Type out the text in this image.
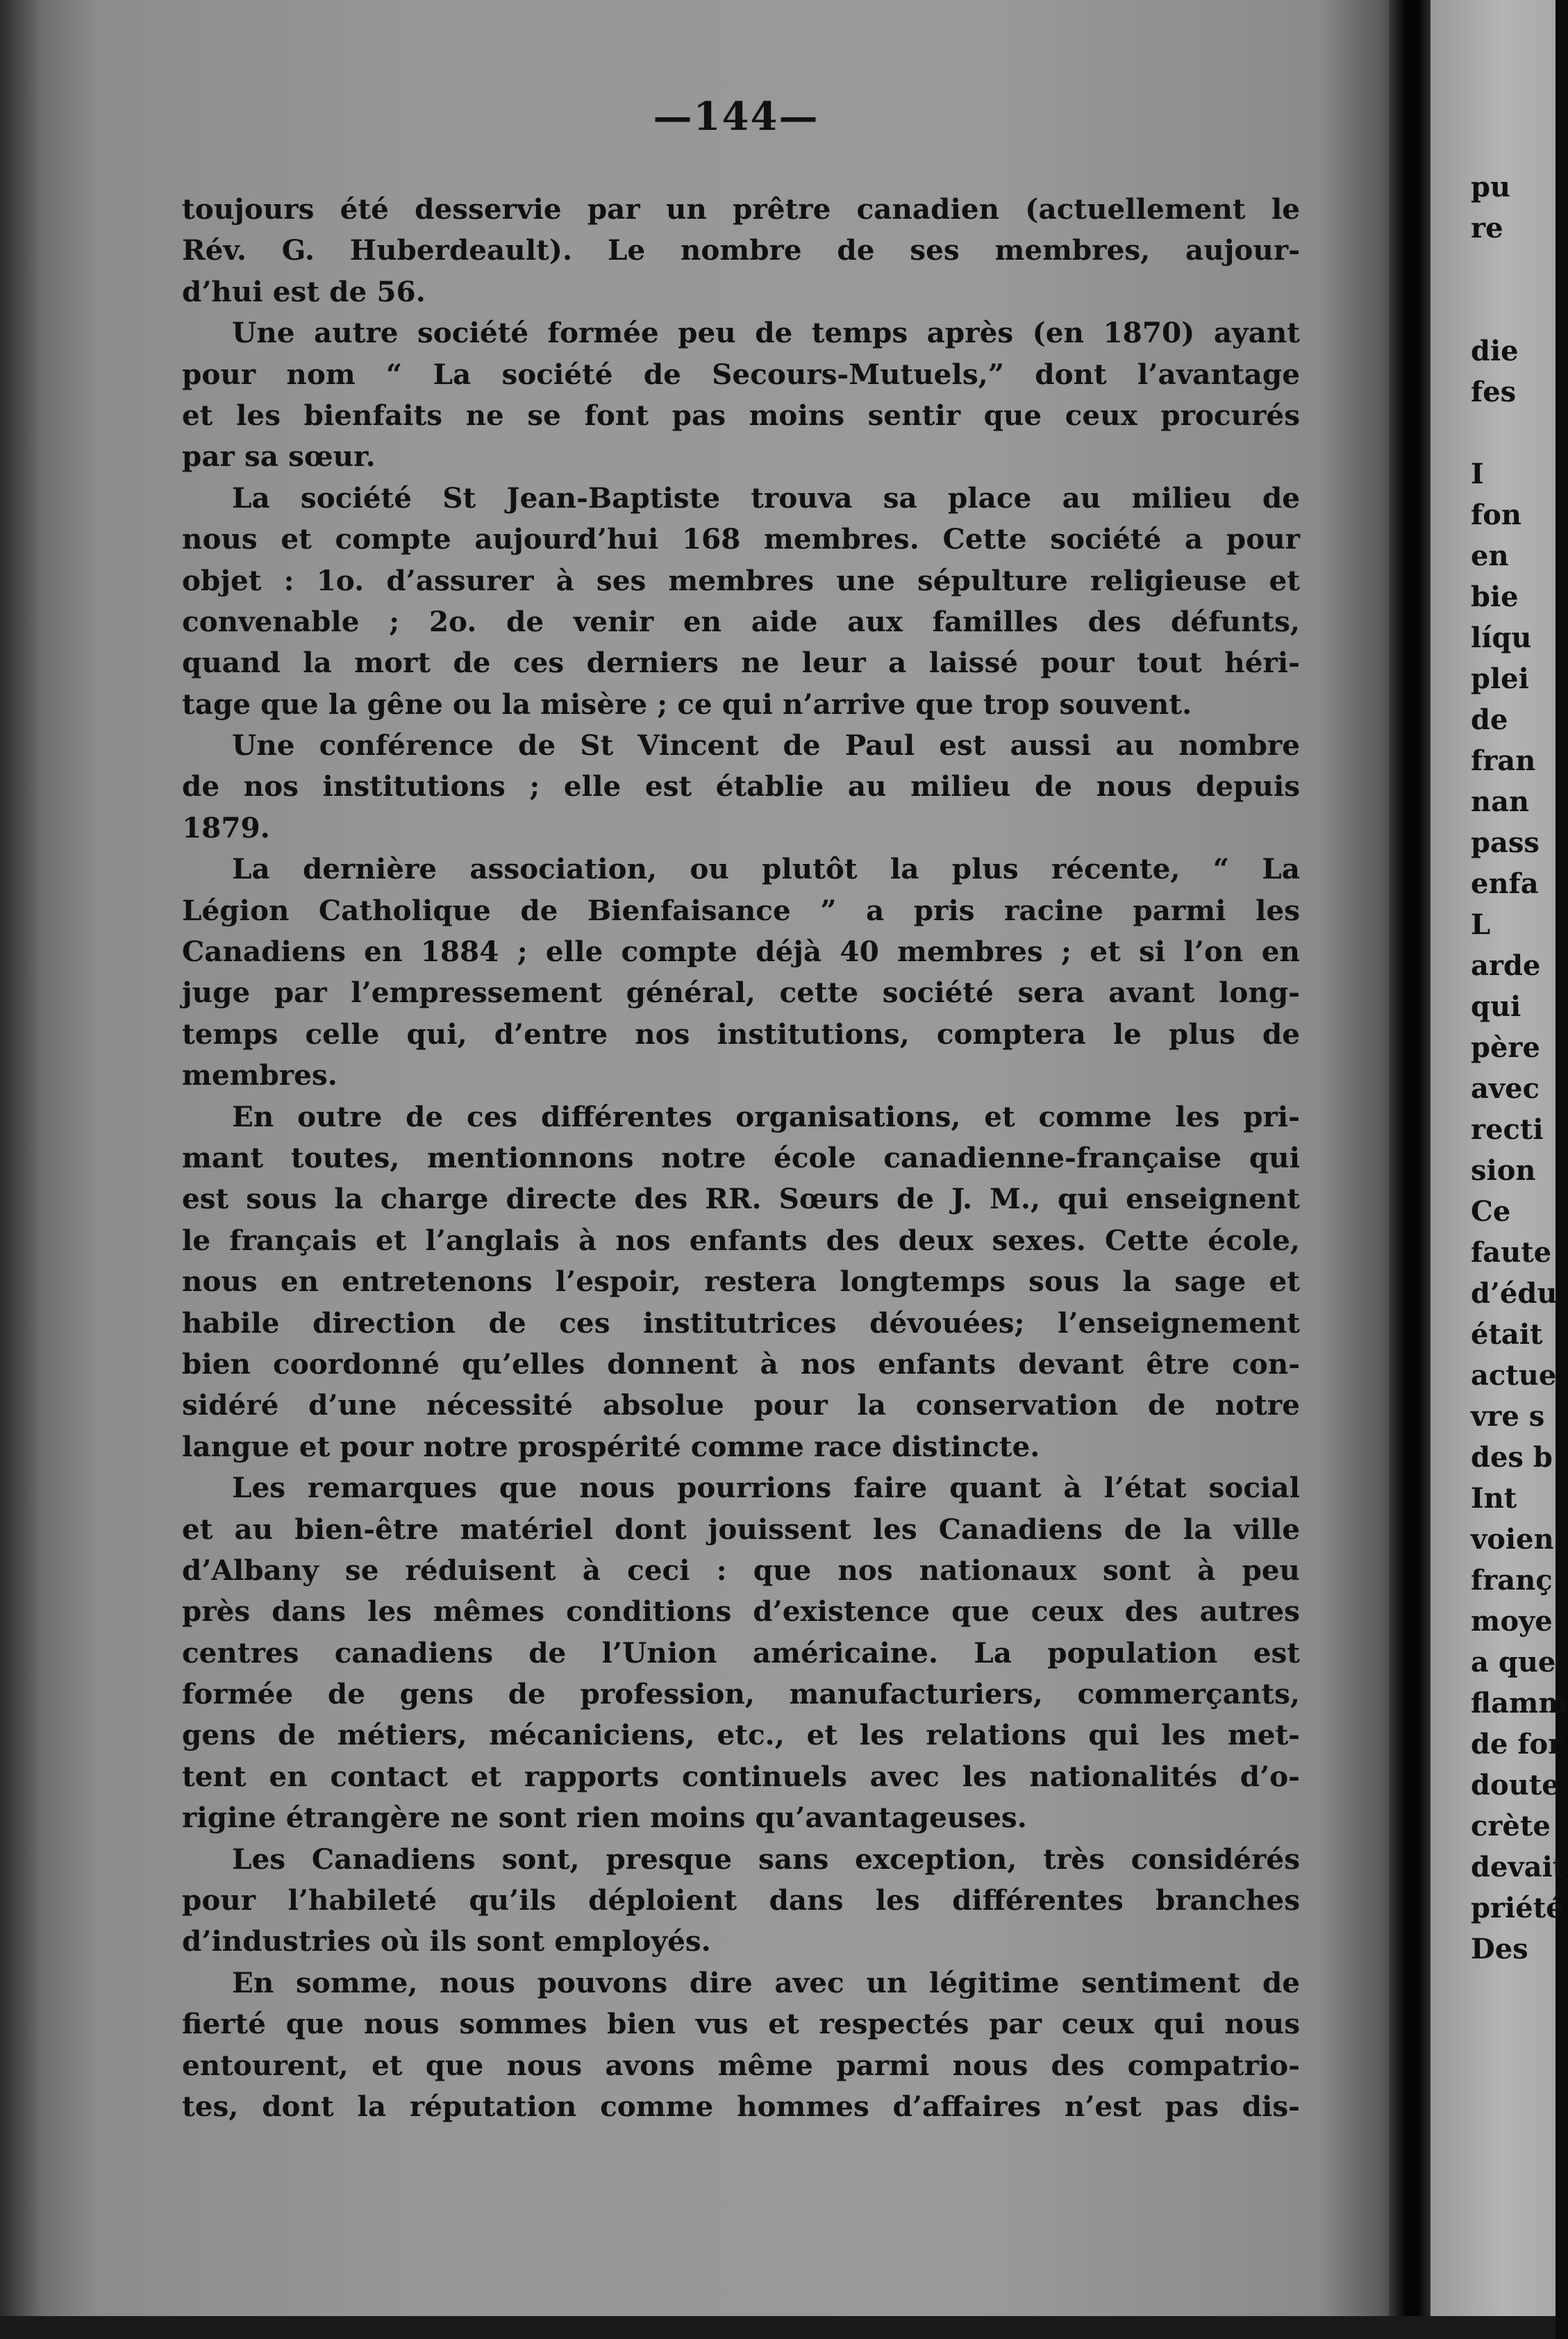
—144—
toujours été desservie par un prêtre canadien (actuellement le
Rév. G. Huberdeault). Le nombre de ses membres, aujour-
d’hui est de 56.
Une autre société formée peu de temps après (en 1870) ayant
pour nom “ La société de Secours-Mutuels,” dont l’avantage
et les bienfaits ne se font pas moins sentir que ceux procurés
par sa sœur.
La société St Jean-Baptiste trouva sa place au milieu de
nous et compte aujourd’hui 168 membres. Cette société a pour
objet : 1o. d’assurer à ses membres une sépulture religieuse et
convenable ; 2o. de venir en aide aux familles des défunts,
quand la mort de ces derniers ne leur a laissé pour tout héri-
tage que la gêne ou la misère ; ce qui n’arrive que trop souvent.
Une conférence de St Vincent de Paul est aussi au nombre
de nos institutions ; elle est établie au milieu de nous depuis
1879.
La dernière association, ou plutôt la plus récente, “ La
Légion Catholique de Bienfaisance ” a pris racine parmi les
Canadiens en 1884 ; elle compte déjà 40 membres ; et si l’on en
juge par l’empressement général, cette société sera avant long-
temps celle qui, d’entre nos institutions, comptera le plus de
membres.
En outre de ces différentes organisations, et comme les pri-
mant toutes, mentionnons notre école canadienne-française qui
est sous la charge directe des RR. Sœurs de J. M., qui enseignent
le français et l’anglais à nos enfants des deux sexes. Cette école,
nous en entretenons l’espoir, restera longtemps sous la sage et
habile direction de ces institutrices dévouées; l’enseignement
bien coordonné qu’elles donnent à nos enfants devant être con-
sidéré d’une nécessité absolue pour la conservation de notre
langue et pour notre prospérité comme race distincte.
Les remarques que nous pourrions faire quant à l’état social
et au bien-être matériel dont jouissent les Canadiens de la ville
d’Albany se réduisent à ceci : que nos nationaux sont à peu
près dans les mêmes conditions d’existence que ceux des autres
centres canadiens de l’Union américaine. La population est
formée de gens de profession, manufacturiers, commerçants,
gens de métiers, mécaniciens, etc., et les relations qui les met-
tent en contact et rapports continuels avec les nationalités d’o-
rigine étrangère ne sont rien moins qu’avantageuses.
Les Canadiens sont, presque sans exception, très considérés
pour l’habileté qu’ils déploient dans les différentes branches
d’industries où ils sont employés.
En somme, nous pouvons dire avec un légitime sentiment de
fierté que nous sommes bien vus et respectés par ceux qui nous
entourent, et que nous avons même parmi nous des compatrio-
tes, dont la réputation comme hommes d’affaires n’est pas dis-
pu
re
die
fes
I
fon
en
bie
líqu
plei
de
fran
nan
pass
enfa
L
arde
qui
père
avec
recti
sion
Ce
faute
d’édu
était
actue
vre s
des b
Int
voien
franç
moye
a que
flamm
de for
doute
crète
devait
priété
Des
